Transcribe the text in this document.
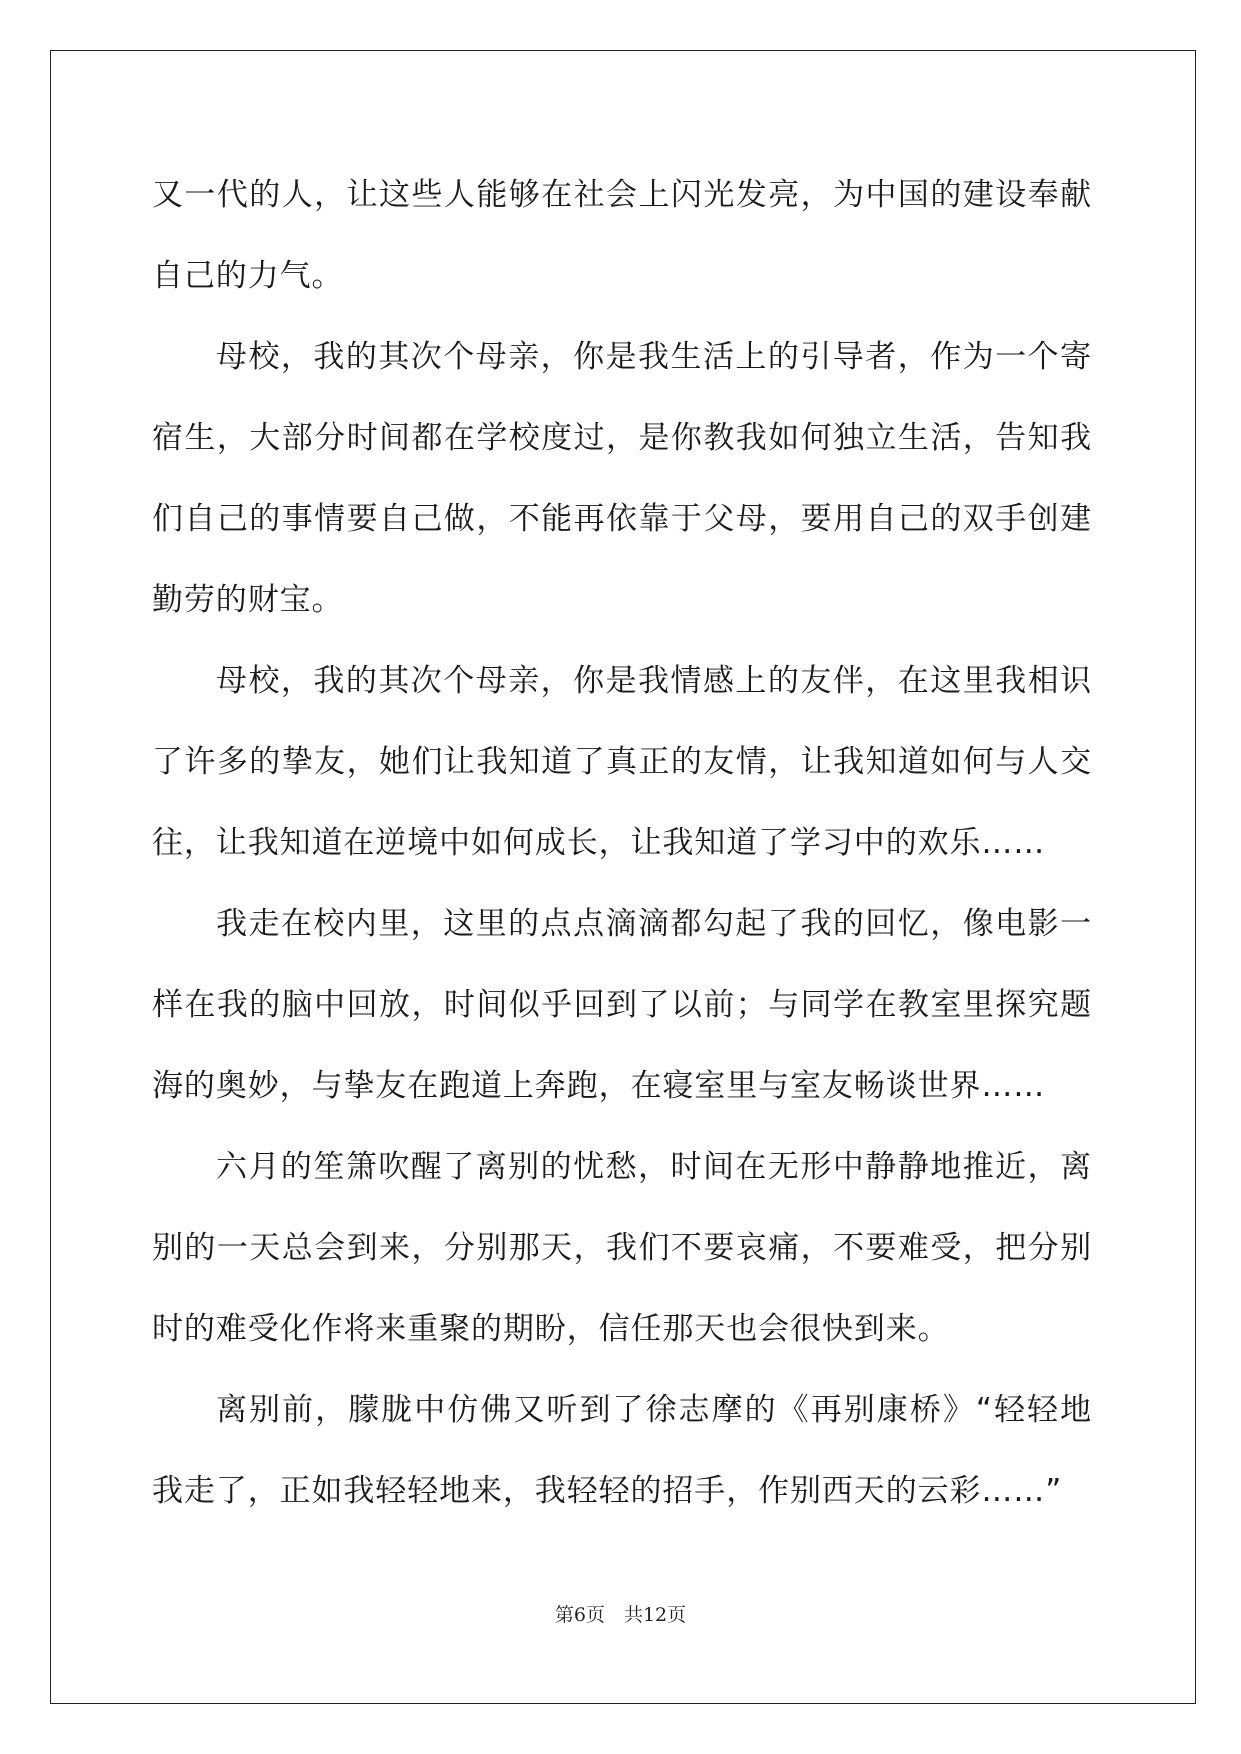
又一代的人，让这些人能够在社会上闪光发亮，为中国的建设奉献自己的力气。

母校，我的其次个母亲，你是我生活上的引导者，作为一个寄宿生，大部分时间都在学校度过，是你教我如何独立生活，告知我们自己的事情要自己做，不能再依靠于父母，要用自己的双手创建勤劳的财宝。

母校，我的其次个母亲，你是我情感上的友伴，在这里我相识了许多的挚友，她们让我知道了真正的友情，让我知道如何与人交往，让我知道在逆境中如何成长，让我知道了学习中的欢乐……

我走在校内里，这里的点点滴滴都勾起了我的回忆，像电影一样在我的脑中回放，时间似乎回到了以前；与同学在教室里探究题海的奥妙，与挚友在跑道上奔跑，在寝室里与室友畅谈世界……

六月的笙箫吹醒了离别的忧愁，时间在无形中静静地推近，离别的一天总会到来，分别那天，我们不要哀痛，不要难受，把分别时的难受化作将来重聚的期盼，信任那天也会很快到来。

离别前，朦胧中仿佛又听到了徐志摩的《再别康桥》“轻轻地我走了，正如我轻轻地来，我轻轻的招手，作别西天的云彩……”

第6页　共12页
